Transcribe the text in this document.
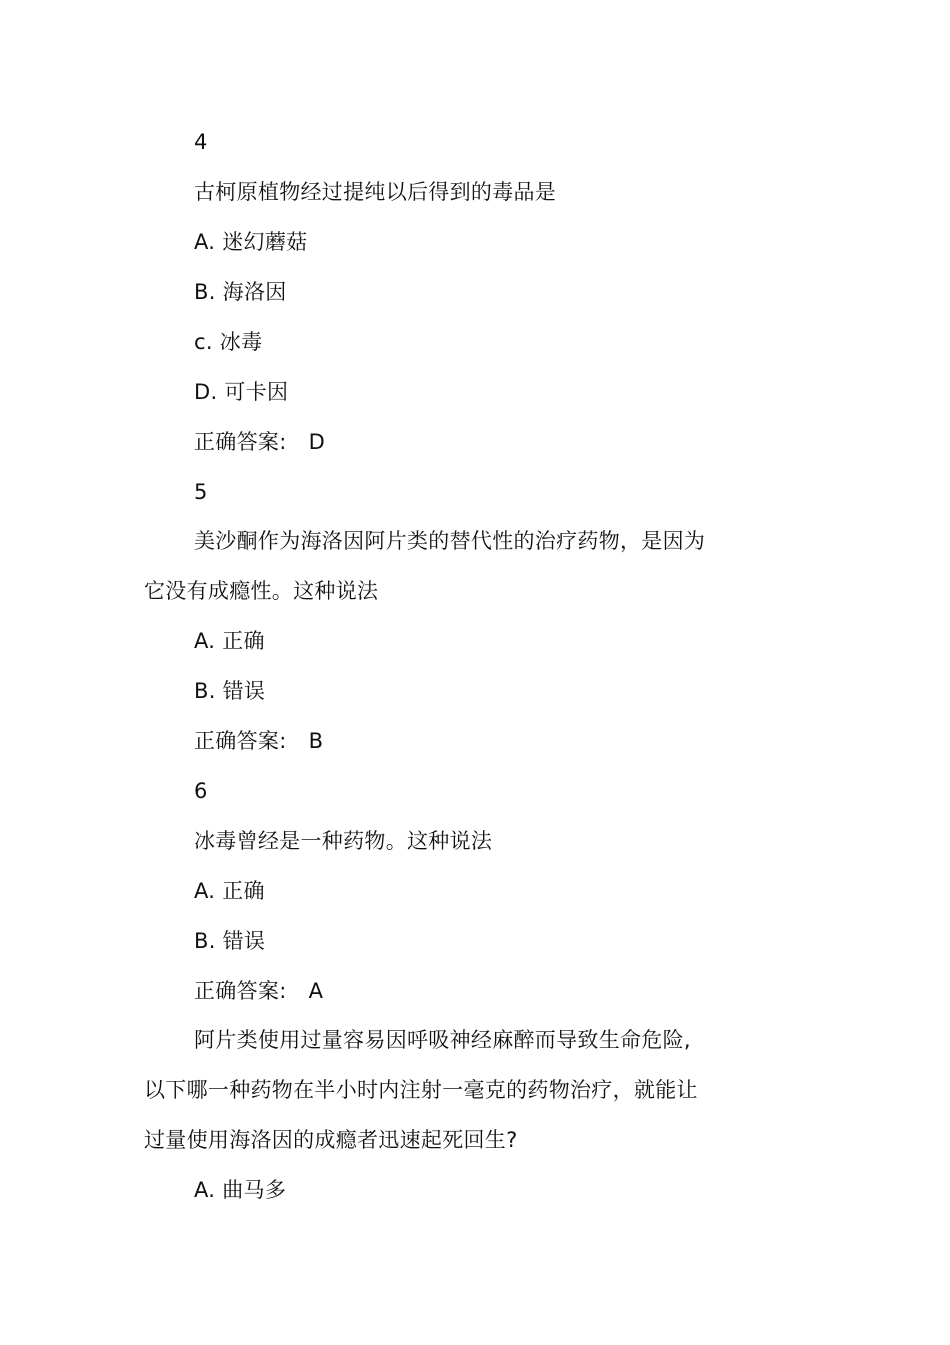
4
古柯原植物经过提纯以后得到的毒品是
A. 迷幻蘑菇
B. 海洛因
c. 冰毒
D. 可卡因
正确答案: D
5
美沙酮作为海洛因阿片类的替代性的治疗药物，是因为
它没有成瘾性。这种说法
A. 正确
B. 错误
正确答案: B
6
冰毒曾经是一种药物。这种说法
A. 正确
B. 错误
正确答案: A
阿片类使用过量容易因呼吸神经麻醉而导致生命危险,
以下哪一种药物在半小时内注射一毫克的药物治疗，就能让
过量使用海洛因的成瘾者迅速起死回生?
A. 曲马多
